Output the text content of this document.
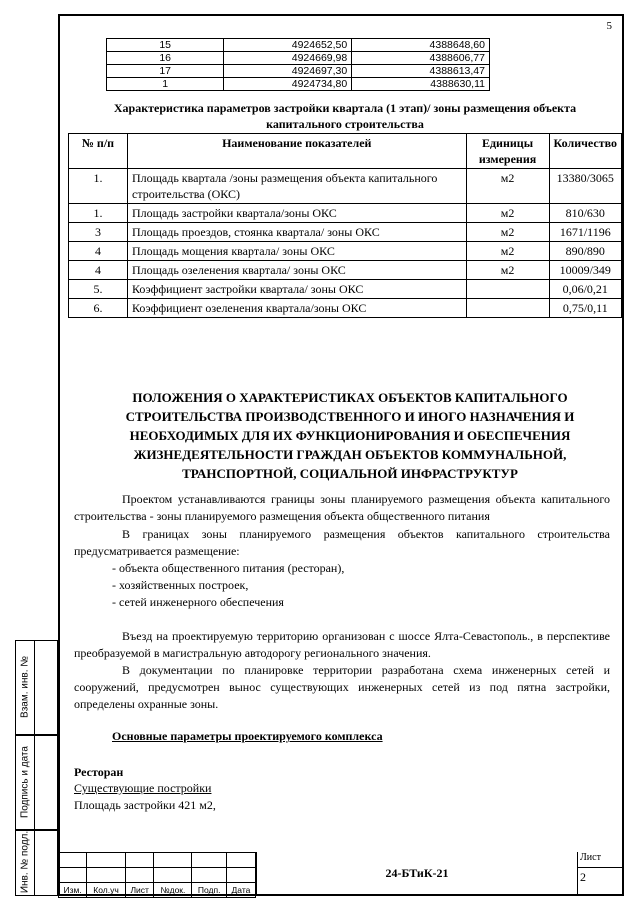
Взам. инв. №
Подпись и дата
Инв. № подл.
5
15	4924652,50	4388648,60
16	4924669,98	4388606,77
17	4924697,30	4388613,47
1	4924734,80	4388630,11
Характеристика параметров застройки квартала (1 этап)/ зоны размещения объекта
капитального строительства
№ п/п	Наименование показателей	Единицы измерения	Количество
1.	Площадь квартала /зоны размещения объекта капитального строительства (ОКС)	м2	13380/3065
1.	Площадь застройки квартала/зоны ОКС	м2	810/630
3	Площадь проездов, стоянка квартала/ зоны ОКС	м2	1671/1196
4	Площадь мощения квартала/ зоны ОКС	м2	890/890
4	Площадь озеленения квартала/ зоны ОКС	м2	10009/349
5.	Коэффициент застройки квартала/ зоны ОКС		0,06/0,21
6.	Коэффициент озеленения квартала/зоны ОКС		0,75/0,11
ПОЛОЖЕНИЯ О ХАРАКТЕРИСТИКАХ ОБЪЕКТОВ КАПИТАЛЬНОГО
СТРОИТЕЛЬСТВА ПРОИЗВОДСТВЕННОГО И ИНОГО НАЗНАЧЕНИЯ И
НЕОБХОДИМЫХ ДЛЯ ИХ ФУНКЦИОНИРОВАНИЯ И ОБЕСПЕЧЕНИЯ
ЖИЗНЕДЕЯТЕЛЬНОСТИ ГРАЖДАН ОБЪЕКТОВ КОММУНАЛЬНОЙ,
ТРАНСПОРТНОЙ, СОЦИАЛЬНОЙ ИНФРАСТРУКТУР
Проектом устанавливаются границы зоны планируемого размещения объекта капитального строительства - зоны планируемого размещения объекта общественного питания
В границах зоны планируемого размещения объектов капитального строительства предусматривается размещение:
- объекта общественного питания (ресторан),
- хозяйственных построек,
- сетей инженерного обеспечения
Въезд на проектируемую территорию организован с шоссе Ялта-Севастополь., в перспективе преобразуемой в магистральную автодорогу регионального значения.
В документации по планировке территории разработана схема инженерных сетей и сооружений, предусмотрен вынос существующих инженерных сетей из под пятна застройки, определены охранные зоны.
Основные параметры проектируемого комплекса
Ресторан
Существующие постройки
Площадь застройки 421 м2,

Изм.	Кол.уч	Лист	№док.	Подп.	Дата
24-БТиК-21
Лист
2
